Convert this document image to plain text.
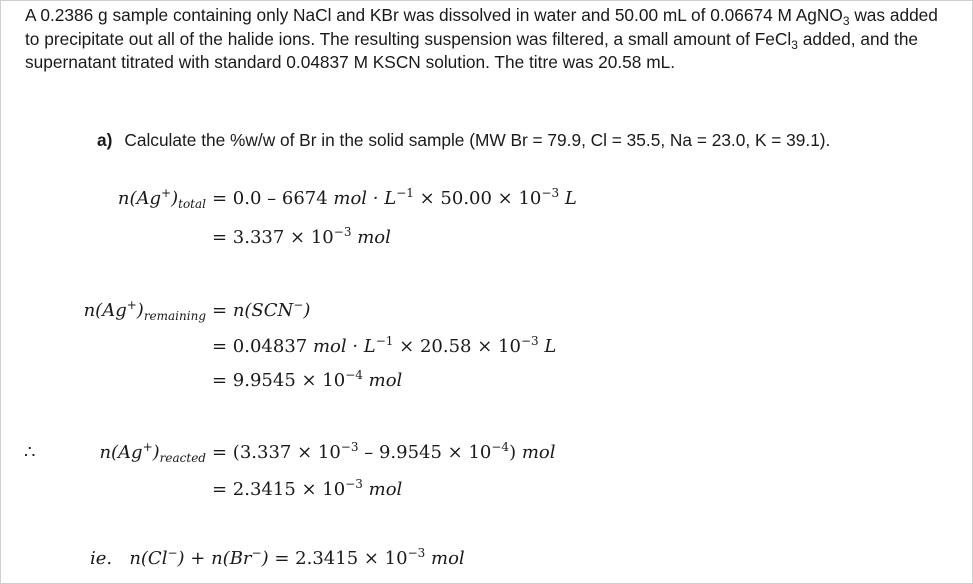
A 0.2386 g sample containing only NaCl and KBr was dissolved in water and 50.00 mL of 0.06674 M AgNO$_3$ was added to precipitate out all of the halide ions. The resulting suspension was filtered, a small amount of FeCl$_3$ added, and the supernatant titrated with standard 0.04837 M KSCN solution. The titre was 20.58 mL.

a) Calculate the %w/w of Br in the solid sample (MW Br = 79.9, Cl = 35.5, Na = 23.0, K = 39.1).
$n(Ag^+)_{total} = 0.0 - 6674$ mol · $L^{-1} \times 50.00 \times 10^{-3}$ L
= $3.337 \times 10^{-3}$ mol
$n(Ag^+)_{remaining} = n(SCN^-)$
= 0.04837 mol · $L^{-1} \times 20.58 \times 10^{-3}$ L
= $9.9545 \times 10^{-4}$ mol
∴	$n(Ag^+)_{reacted} = (3.337 \times 10^{-3} - 9.9545 \times 10^{-4})$ mol
= $2.3415 \times 10^{-3}$ mol
ie. $n(Cl^-) + n(Br^-) = 2.3415 \times 10^{-3}$ mol
